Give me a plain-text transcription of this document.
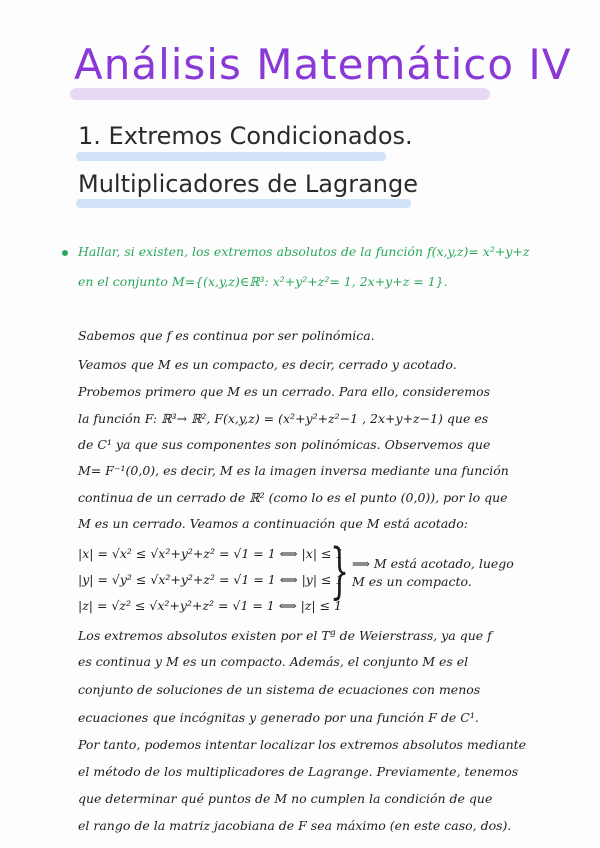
Análisis Matemático IV
1. Extremos Condicionados.
Multiplicadores de Lagrange
Hallar, si existen, los extremos absolutos de la función f(x,y,z)= x²+y+z
en el conjunto M={(x,y,z)∈ℝ³: x²+y²+z²= 1, 2x+y+z = 1}.
Sabemos que f es continua por ser polinómica.
Veamos que M es un compacto, es decir, cerrado y acotado.
Probemos primero que M es un cerrado. Para ello, consideremos
la función F: ℝ³→ ℝ², F(x,y,z) = (x²+y²+z²−1 , 2x+y+z−1) que es
de C¹ ya que sus componentes son polinómicas. Observemos que
M= F⁻¹(0,0), es decir, M es la imagen inversa mediante una función
continua de un cerrado de ℝ² (como lo es el punto (0,0)), por lo que
M es un cerrado. Veamos a continuación que M está acotado:
|x| = √x² ≤ √x²+y²+z² = √1 = 1 ⟺ |x| ≤ 1
|y| = √y² ≤ √x²+y²+z² = √1 = 1 ⟺ |y| ≤ 1
|z| = √z² ≤ √x²+y²+z² = √1 = 1 ⟺ |z| ≤ 1
} ⟹ M está acotado, luego
M es un compacto.
Los extremos absolutos existen por el Tª de Weierstrass, ya que f
es continua y M es un compacto. Además, el conjunto M es el
conjunto de soluciones de un sistema de ecuaciones con menos
ecuaciones que incógnitas y generado por una función F de C¹.
Por tanto, podemos intentar localizar los extremos absolutos mediante
el método de los multiplicadores de Lagrange. Previamente, tenemos
que determinar qué puntos de M no cumplen la condición de que
el rango de la matriz jacobiana de F sea máximo (en este caso, dos).
